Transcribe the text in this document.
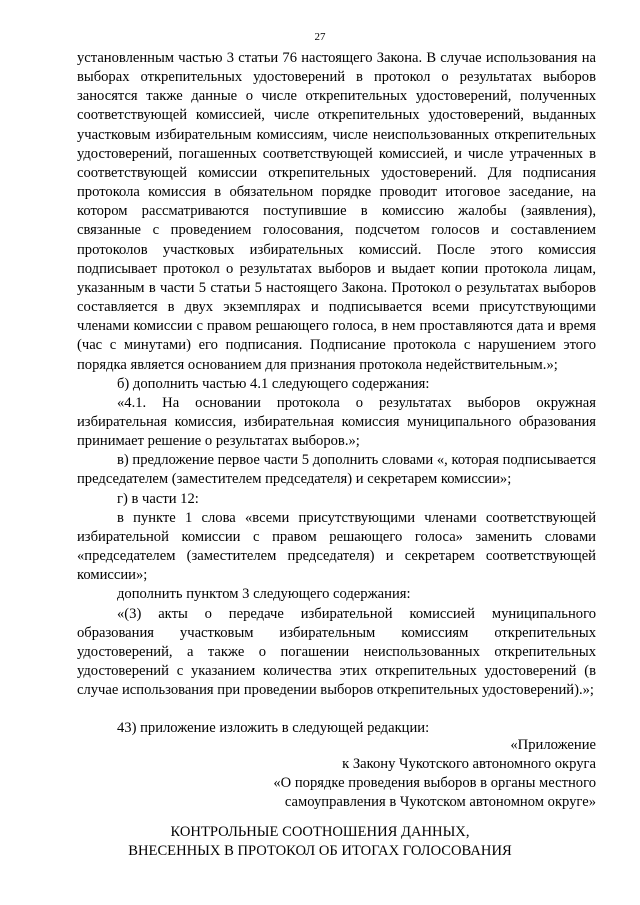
27

установленным частью 3 статьи 76 настоящего Закона. В случае использования на выборах открепительных удостоверений в протокол о результатах выборов заносятся также данные о числе открепительных удостоверений, полученных соответствующей комиссией, числе открепительных удостоверений, выданных участковым избирательным комиссиям, числе неиспользованных открепительных удостоверений, погашенных соответствующей комиссией, и числе утраченных в соответствующей комиссии открепительных удостоверений. Для подписания протокола комиссия в обязательном порядке проводит итоговое заседание, на котором рассматриваются поступившие в комиссию жалобы (заявления), связанные с проведением голосования, подсчетом голосов и составлением протоколов участковых избирательных комиссий. После этого комиссия подписывает протокол о результатах выборов и выдает копии протокола лицам, указанным в части 5 статьи 5 настоящего Закона. Протокол о результатах выборов составляется в двух экземплярах и подписывается всеми присутствующими членами комиссии с правом решающего голоса, в нем проставляются дата и время (час с минутами) его подписания. Подписание протокола с нарушением этого порядка является основанием для признания протокола недействительным.»;

б) дополнить частью 4.1 следующего содержания:

«4.1. На основании протокола о результатах выборов окружная избирательная комиссия, избирательная комиссия муниципального образования принимает решение о результатах выборов.»;

в) предложение первое части 5 дополнить словами «, которая подписывается председателем (заместителем председателя) и секретарем комиссии»;

г) в части 12:

в пункте 1 слова «всеми присутствующими членами соответствующей избирательной комиссии с правом решающего голоса» заменить словами «председателем (заместителем председателя) и секретарем соответствующей комиссии»;

дополнить пунктом 3 следующего содержания:

«(3) акты о передаче избирательной комиссией муниципального образования участковым избирательным комиссиям открепительных удостоверений, а также о погашении неиспользованных открепительных удостоверений с указанием количества этих открепительных удостоверений (в случае использования при проведении выборов открепительных удостоверений).»;

43) приложение изложить в следующей редакции:

«Приложение
к Закону Чукотского автономного округа
«О порядке проведения выборов в органы местного
самоуправления в Чукотском автономном округе»
КОНТРОЛЬНЫЕ СООТНОШЕНИЯ ДАННЫХ,
ВНЕСЕННЫХ В ПРОТОКОЛ ОБ ИТОГАХ ГОЛОСОВАНИЯ
